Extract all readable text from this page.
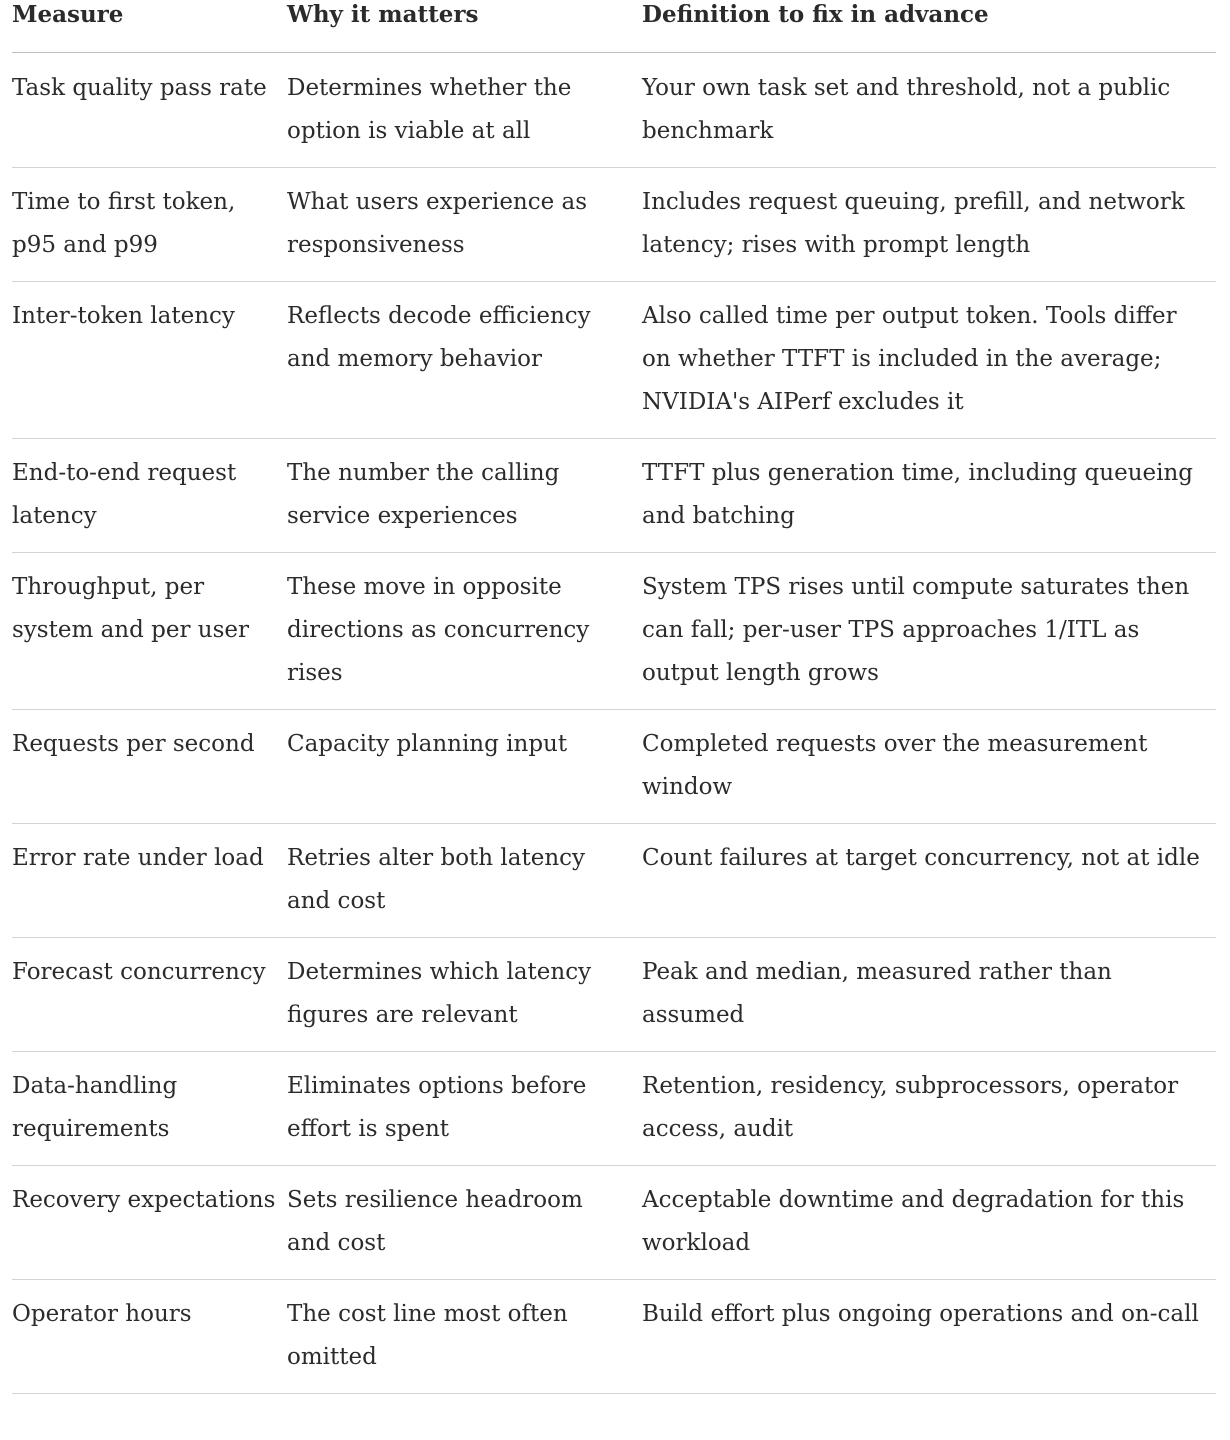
Measure	Why it matters	Definition to fix in advance
Task quality pass rate	Determines whether the option is viable at all	Your own task set and threshold, not a public benchmark
Time to first token, p95 and p99	What users experience as responsiveness	Includes request queuing, prefill, and network latency; rises with prompt length
Inter-token latency	Reflects decode efficiency and memory behavior	Also called time per output token. Tools differ on whether TTFT is included in the average; NVIDIA's AIPerf excludes it
End-to-end request latency	The number the calling service experiences	TTFT plus generation time, including queueing and batching
Throughput, per system and per user	These move in opposite directions as concurrency rises	System TPS rises until compute saturates then can fall; per-user TPS approaches 1/ITL as output length grows
Requests per second	Capacity planning input	Completed requests over the measurement window
Error rate under load	Retries alter both latency and cost	Count failures at target concurrency, not at idle
Forecast concurrency	Determines which latency figures are relevant	Peak and median, measured rather than assumed
Data-handling requirements	Eliminates options before effort is spent	Retention, residency, subprocessors, operator access, audit
Recovery expectations	Sets resilience headroom and cost	Acceptable downtime and degradation for this workload
Operator hours	The cost line most often omitted	Build effort plus ongoing operations and on-call
